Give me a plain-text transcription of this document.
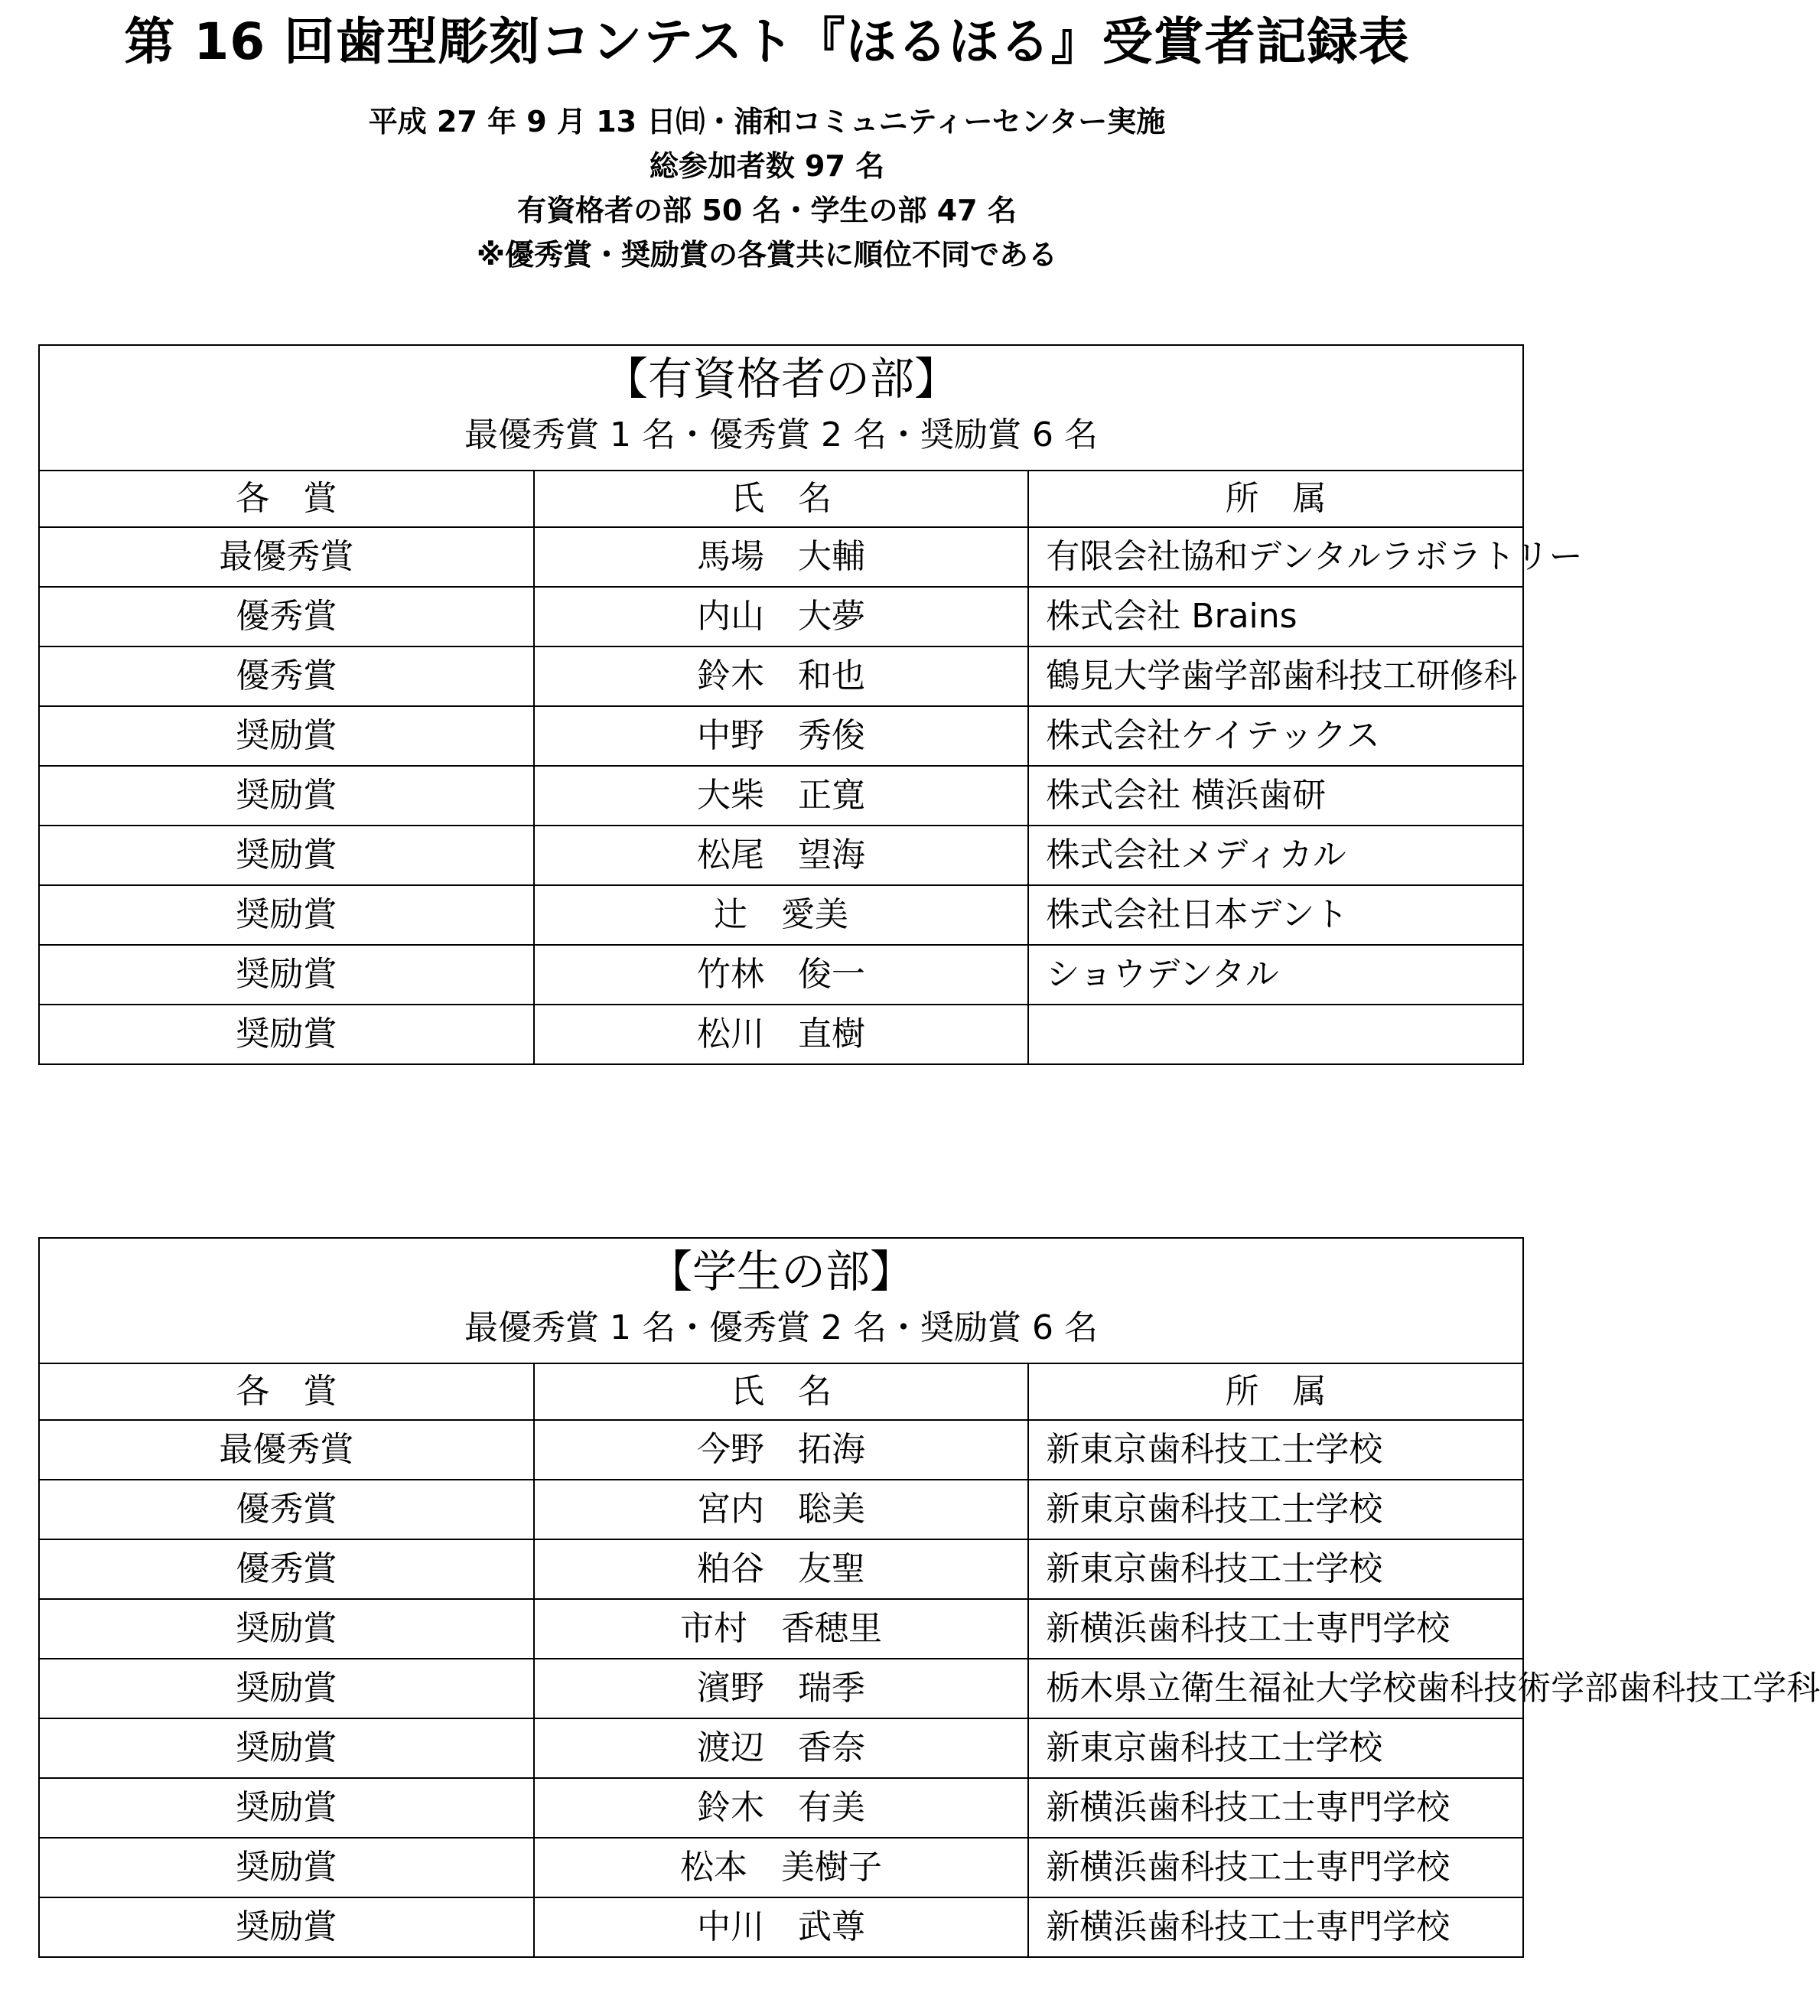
第 16 回歯型彫刻コンテスト『ほるほる』受賞者記録表
平成 27 年 9 月 13 日㈰・浦和コミュニティーセンター実施
総参加者数 97 名
有資格者の部 50 名・学生の部 47 名
※優秀賞・奨励賞の各賞共に順位不同である
【有資格者の部】
最優秀賞 1 名・優秀賞 2 名・奨励賞 6 名		

各　賞	氏　名	所　属
最優秀賞	馬場　大輔	有限会社協和デンタルラボラトリー
優秀賞	内山　大夢	株式会社 Brains
優秀賞	鈴木　和也	鶴見大学歯学部歯科技工研修科
奨励賞	中野　秀俊	株式会社ケイテックス
奨励賞	大柴　正寛	株式会社 横浜歯研
奨励賞	松尾　望海	株式会社メディカル
奨励賞	辻　愛美	株式会社日本デント
奨励賞	竹林　俊一	ショウデンタル
奨励賞	松川　直樹	
【学生の部】
最優秀賞 1 名・優秀賞 2 名・奨励賞 6 名		

各　賞	氏　名	所　属
最優秀賞	今野　拓海	新東京歯科技工士学校
優秀賞	宮内　聡美	新東京歯科技工士学校
優秀賞	粕谷　友聖	新東京歯科技工士学校
奨励賞	市村　香穂里	新横浜歯科技工士専門学校
奨励賞	濱野　瑞季	栃木県立衛生福祉大学校歯科技術学部歯科技工学科
奨励賞	渡辺　香奈	新東京歯科技工士学校
奨励賞	鈴木　有美	新横浜歯科技工士専門学校
奨励賞	松本　美樹子	新横浜歯科技工士専門学校
奨励賞	中川　武尊	新横浜歯科技工士専門学校
